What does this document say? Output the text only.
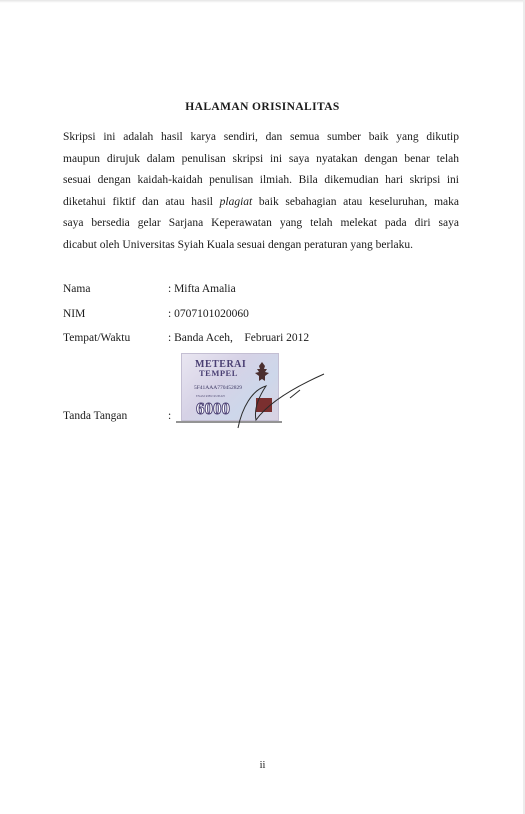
HALAMAN ORISINALITAS

Skripsi ini adalah hasil karya sendiri, dan semua sumber baik yang dikutip
maupun dirujuk dalam penulisan skripsi ini saya nyatakan dengan benar telah
sesuai dengan kaidah-kaidah penulisan ilmiah. Bila dikemudian hari skripsi ini
diketahui fiktif dan atau hasil plagiat baik sebahagian atau keseluruhan, maka
saya bersedia gelar Sarjana Keperawatan yang telah melekat pada diri saya
dicabut oleh Universitas Syiah Kuala sesuai dengan peraturan yang berlaku.

Nama	: Mifta Amalia
NIM	: 0707101020060
Tempat/Waktu	: Banda Aceh,    Februari 2012
METERAI
TEMPEL
5F41AAA770452829
ENAM RIBU RUPIAH
6000
Tanda Tangan	:
ii
